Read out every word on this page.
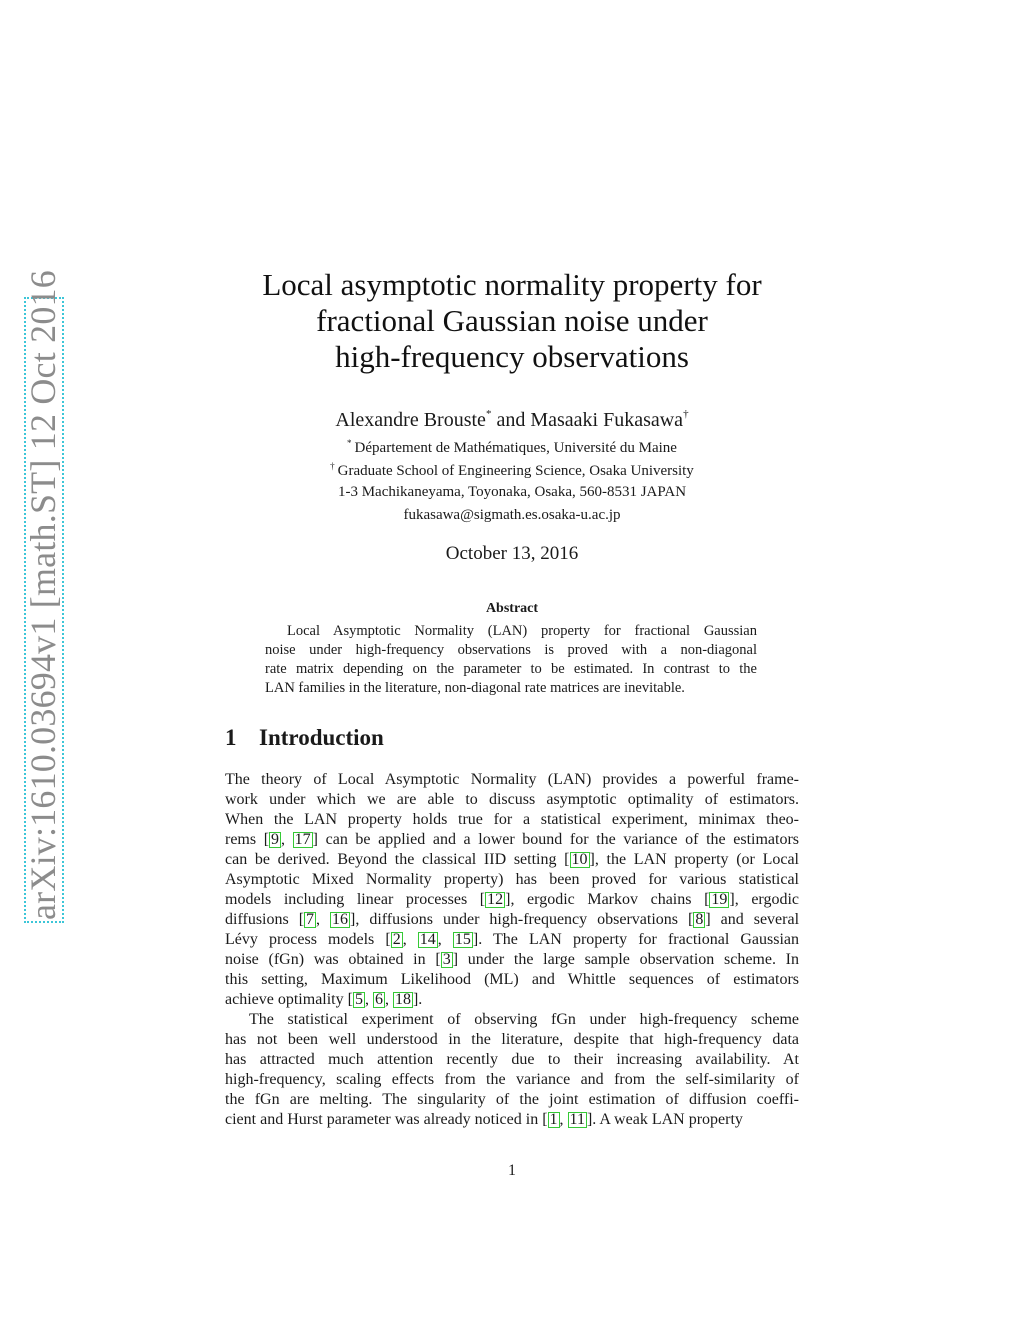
arXiv:1610.03694v1 [math.ST] 12 Oct 2016	Local asymptotic normality property for
fractional Gaussian noise under
high-frequency observations
Alexandre Brouste* and Masaaki Fukasawa†
* Département de Mathématiques, Université du Maine
† Graduate School of Engineering Science, Osaka University
1-3 Machikaneyama, Toyonaka, Osaka, 560-8531 JAPAN
fukasawa@sigmath.es.osaka-u.ac.jp
October 13, 2016
Abstract
Local Asymptotic Normality (LAN) property for fractional Gaussian
noise under high-frequency observations is proved with a non-diagonal
rate matrix depending on the parameter to be estimated. In contrast to the
LAN families in the literature, non-diagonal rate matrices are inevitable.
1 Introduction
The theory of Local Asymptotic Normality (LAN) provides a powerful frame-
work under which we are able to discuss asymptotic optimality of estimators.
When the LAN property holds true for a statistical experiment, minimax theo-
rems [ 9 , 17 ] can be applied and a lower bound for the variance of the estimators
can be derived. Beyond the classical IID setting [ 10 ], the LAN property (or Local
Asymptotic Mixed Normality property) has been proved for various statistical
models including linear processes [ 12 ], ergodic Markov chains [ 19 ], ergodic
diffusions [ 7 , 16 ], diffusions under high-frequency observations [ 8 ] and several
Lévy process models [ 2 , 14 , 15 ]. The LAN property for fractional Gaussian
noise (fGn) was obtained in [ 3 ] under the large sample observation scheme. In
this setting, Maximum Likelihood (ML) and Whittle sequences of estimators
achieve optimality [ 5 , 6 , 18 ].
The statistical experiment of observing fGn under high-frequency scheme
has not been well understood in the literature, despite that high-frequency data
has attracted much attention recently due to their increasing availability. At
high-frequency, scaling effects from the variance and from the self-similarity of
the fGn are melting. The singularity of the joint estimation of diffusion coeffi-
cient and Hurst parameter was already noticed in [ 1 , 11 ]. A weak LAN property
1
